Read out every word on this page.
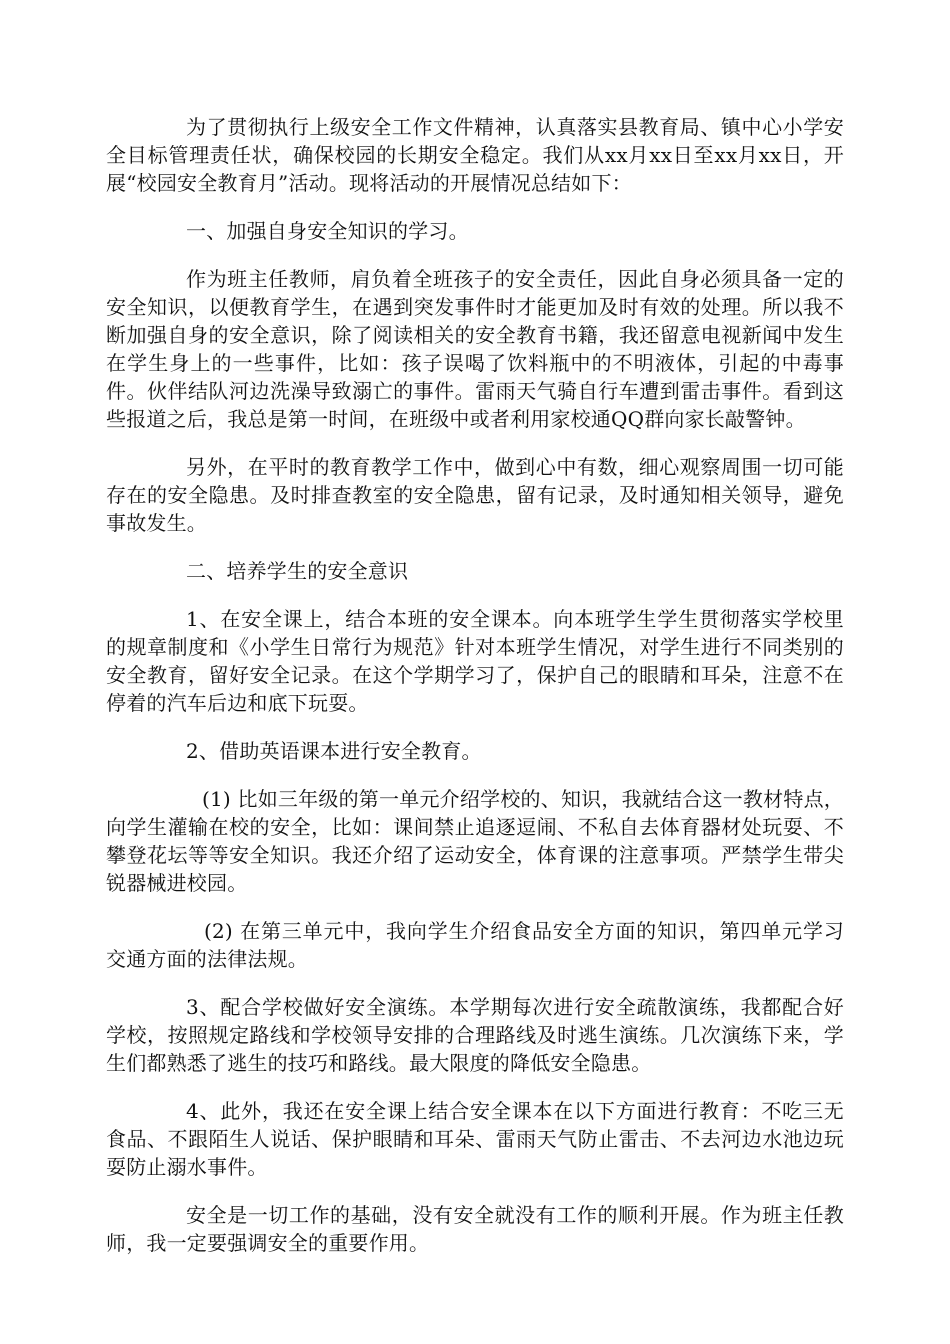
为了贯彻执行上级安全工作文件精神，认真落实县教育局、镇中心小学安全目标管理责任状，确保校园的长期安全稳定。我们从xx月xx日至xx月xx日，开展“校园安全教育月”活动。现将活动的开展情况总结如下：

一、加强自身安全知识的学习。

作为班主任教师，肩负着全班孩子的安全责任，因此自身必须具备一定的安全知识，以便教育学生，在遇到突发事件时才能更加及时有效的处理。所以我不断加强自身的安全意识，除了阅读相关的安全教育书籍，我还留意电视新闻中发生在学生身上的一些事件，比如：孩子误喝了饮料瓶中的不明液体，引起的中毒事件。伙伴结队河边洗澡导致溺亡的事件。雷雨天气骑自行车遭到雷击事件。看到这些报道之后，我总是第一时间，在班级中或者利用家校通QQ群向家长敲警钟。

另外，在平时的教育教学工作中，做到心中有数，细心观察周围一切可能存在的安全隐患。及时排查教室的安全隐患，留有记录，及时通知相关领导，避免事故发生。

二、培养学生的安全意识

1、在安全课上，结合本班的安全课本。向本班学生学生贯彻落实学校里的规章制度和《小学生日常行为规范》针对本班学生情况，对学生进行不同类别的安全教育，留好安全记录。在这个学期学习了，保护自己的眼睛和耳朵，注意不在停着的汽车后边和底下玩耍。

2、借助英语课本进行安全教育。

(1) 比如三年级的第一单元介绍学校的、知识，我就结合这一教材特点，向学生灌输在校的安全，比如：课间禁止追逐逗闹、不私自去体育器材处玩耍、不攀登花坛等等安全知识。我还介绍了运动安全，体育课的注意事项。严禁学生带尖锐器械进校园。

(2) 在第三单元中，我向学生介绍食品安全方面的知识，第四单元学习交通方面的法律法规。

3、配合学校做好安全演练。本学期每次进行安全疏散演练，我都配合好学校，按照规定路线和学校领导安排的合理路线及时逃生演练。几次演练下来，学生们都熟悉了逃生的技巧和路线。最大限度的降低安全隐患。

4、此外，我还在安全课上结合安全课本在以下方面进行教育：不吃三无食品、不跟陌生人说话、保护眼睛和耳朵、雷雨天气防止雷击、不去河边水池边玩耍防止溺水事件。

安全是一切工作的基础，没有安全就没有工作的顺利开展。作为班主任教师，我一定要强调安全的重要作用。
